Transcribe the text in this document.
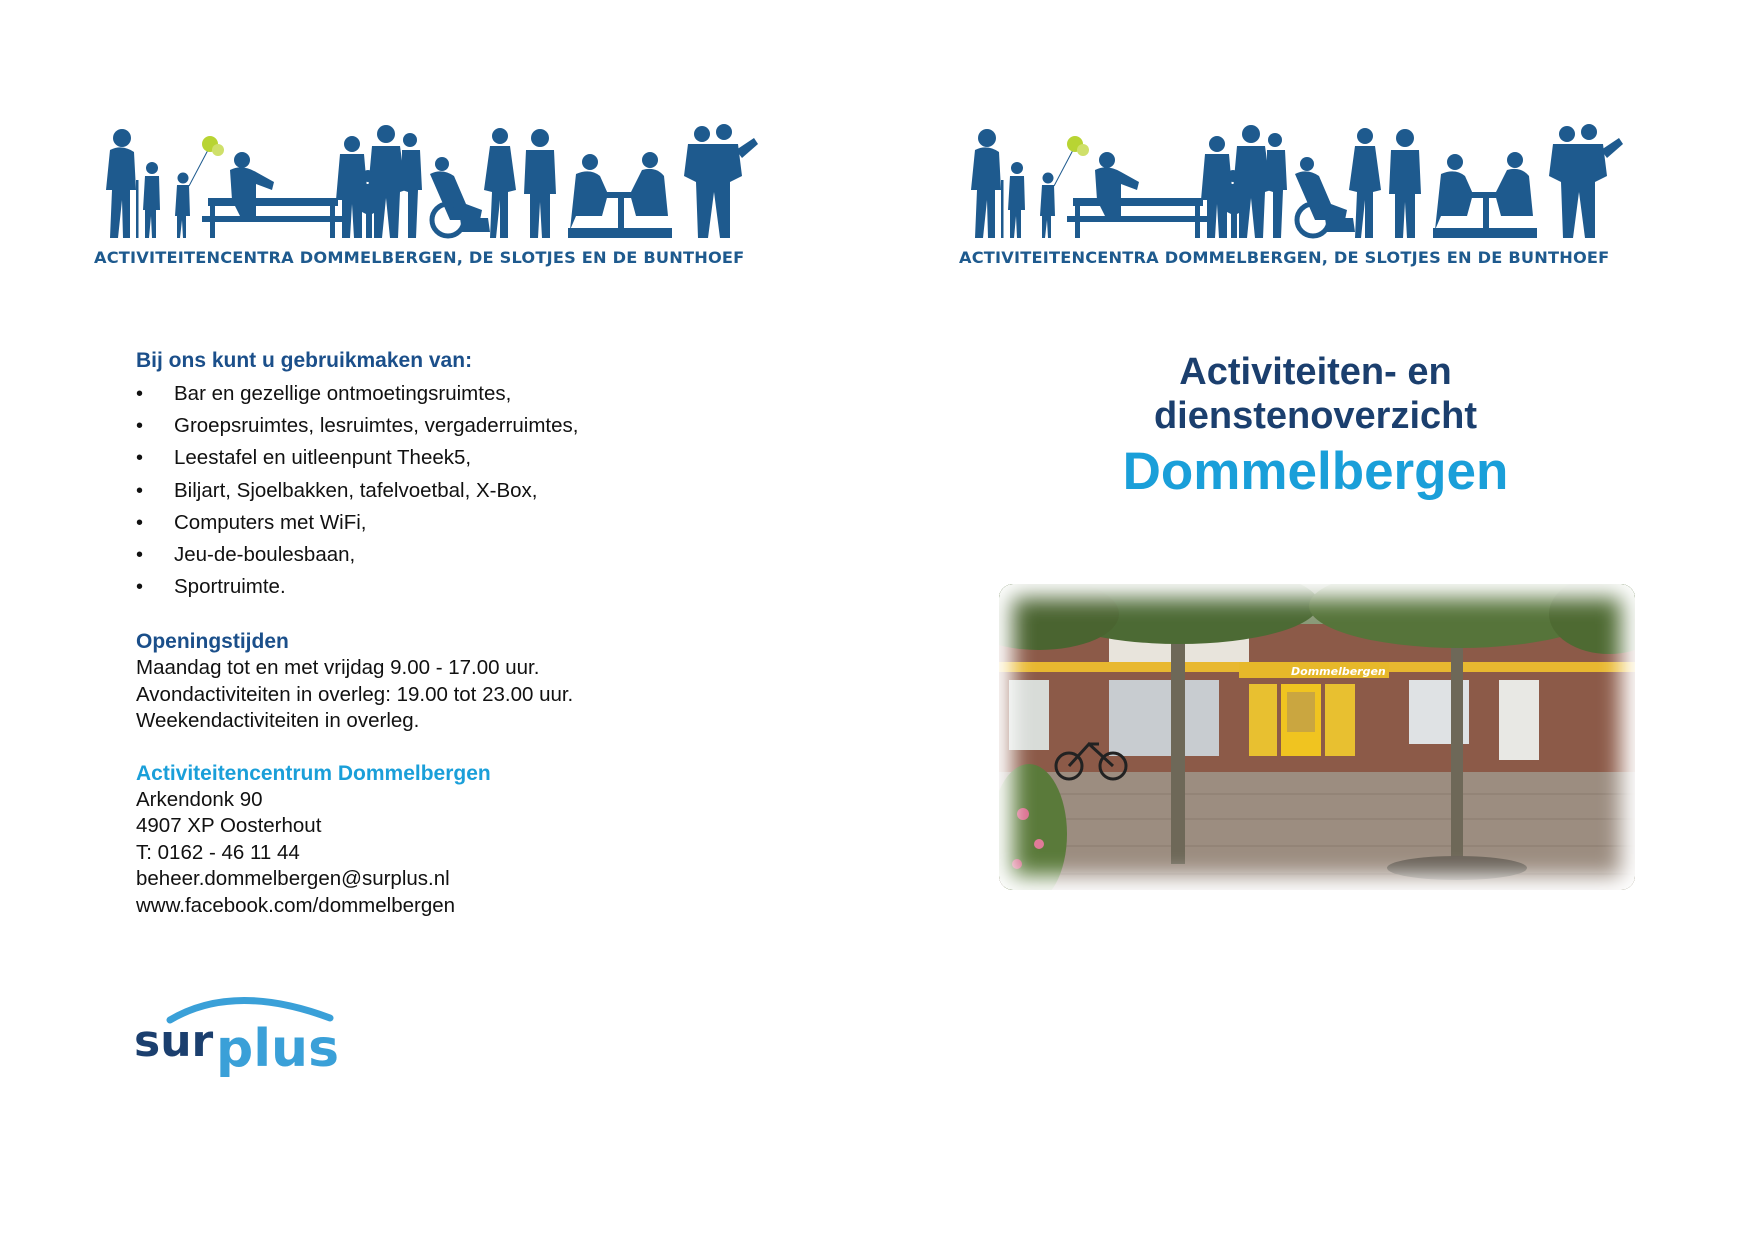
ACTIVITEITENCENTRA DOMMELBERGEN, DE SLOTJES EN DE BUNTHOEF
Bij ons kunt u gebruikmaken van:
• Bar en gezellige ontmoetingsruimtes,
• Groepsruimtes, lesruimtes, vergaderruimtes,
• Leestafel en uitleenpunt Theek5,
• Biljart, Sjoelbakken, tafelvoetbal, X-Box,
• Computers met WiFi,
• Jeu-de-boulesbaan,
• Sportruimte.
Openingstijden
Maandag tot en met vrijdag 9.00 - 17.00 uur.
Avondactiviteiten in overleg: 19.00 tot 23.00 uur.
Weekendactiviteiten in overleg.
Activiteitencentrum Dommelbergen
Arkendonk 90
4907 XP Oosterhout
T: 0162 - 46 11 44
beheer.dommelbergen@surplus.nl
www.facebook.com/dommelbergen
sur plus
ACTIVITEITENCENTRA DOMMELBERGEN, DE SLOTJES EN DE BUNTHOEF
Activiteiten- en
dienstenoverzicht
Dommelbergen
Dommelbergen
